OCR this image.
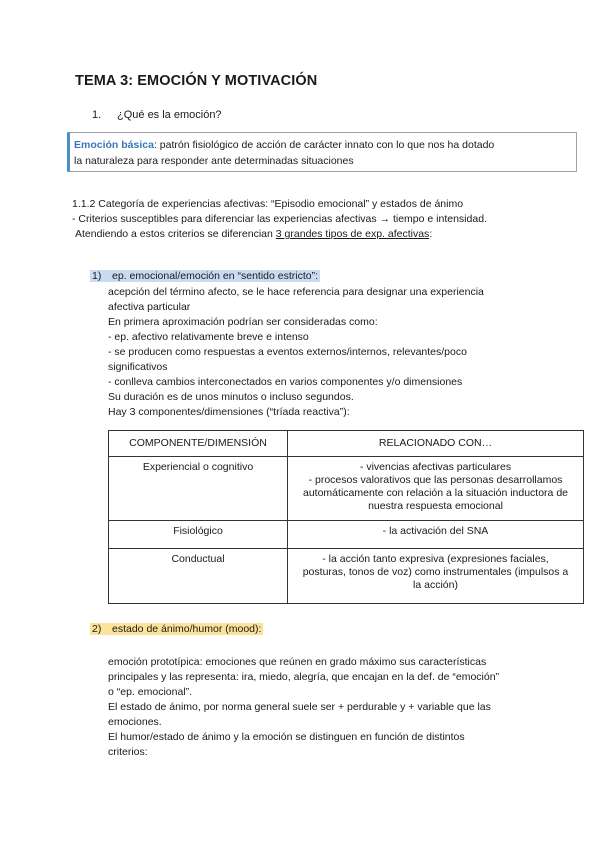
TEMA 3: EMOCIÓN Y MOTIVACIÓN
1. ¿Qué es la emoción?
Emoción básica: patrón fisiológico de acción de carácter innato con lo que nos ha dotado
la naturaleza para responder ante determinadas situaciones
1.1.2 Categoría de experiencias afectivas: “Episodio emocional” y estados de ánimo
- Criterios susceptibles para diferenciar las experiencias afectivas → tiempo e intensidad.
Atendiendo a estos criterios se diferencian 3 grandes tipos de exp. afectivas:
1) ep. emocional/emoción en “sentido estricto”:
acepción del término afecto, se le hace referencia para designar una experiencia
afectiva particular
En primera aproximación podrían ser consideradas como:
- ep. afectivo relativamente breve e intenso
- se producen como respuestas a eventos externos/internos, relevantes/poco
significativos
- conlleva cambios interconectados en varios componentes y/o dimensiones
Su duración es de unos minutos o incluso segundos.
Hay 3 componentes/dimensiones (“tríada reactiva”):
COMPONENTE/DIMENSIÓN	RELACIONADO CON…
Experiencial o cognitivo	- vivencias afectivas particulares
- procesos valorativos que las personas desarrollamos
automáticamente con relación a la situación inductora de
nuestra respuesta emocional

Fisiológico	- la activación del SNA

Conductual	- la acción tanto expresiva (expresiones faciales,
posturas, tonos de voz) como instrumentales (impulsos a
la acción)
2) estado de ánimo/humor (mood):
emoción prototípica: emociones que reúnen en grado máximo sus características
principales y las representa: ira, miedo, alegría, que encajan en la def. de “emoción”
o “ep. emocional”.
El estado de ánimo, por norma general suele ser + perdurable y + variable que las
emociones.
El humor/estado de ánimo y la emoción se distinguen en función de distintos
criterios:
